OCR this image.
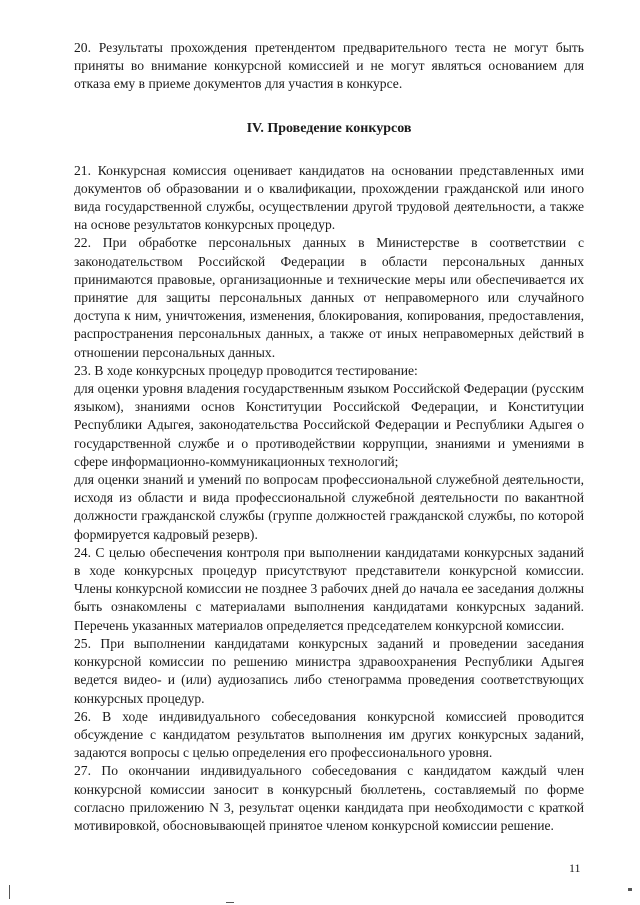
20. Результаты прохождения претендентом предварительного теста не могут быть приняты во внимание конкурсной комиссией и не могут являться основанием для отказа ему в приеме документов для участия в конкурсе.

IV. Проведение конкурсов

21. Конкурсная комиссия оценивает кандидатов на основании представленных ими документов об образовании и о квалификации, прохождении гражданской или иного вида государственной службы, осуществлении другой трудовой деятельности, а также на основе результатов конкурсных процедур.

22. При обработке персональных данных в Министерстве в соответствии с законодательством Российской Федерации в области персональных данных принимаются правовые, организационные и технические меры или обеспечивается их принятие для защиты персональных данных от неправомерного или случайного доступа к ним, уничтожения, изменения, блокирования, копирования, предоставления, распространения персональных данных, а также от иных неправомерных действий в отношении персональных данных.

23. В ходе конкурсных процедур проводится тестирование:

для оценки уровня владения государственным языком Российской Федерации (русским языком), знаниями основ Конституции Российской Федерации, и Конституции Республики Адыгея, законодательства Российской Федерации и Республики Адыгея о государственной службе и о противодействии коррупции, знаниями и умениями в сфере информационно-коммуникационных технологий;

для оценки знаний и умений по вопросам профессиональной служебной деятельности, исходя из области и вида профессиональной служебной деятельности по вакантной должности гражданской службы (группе должностей гражданской службы, по которой формируется кадровый резерв).

24. С целью обеспечения контроля при выполнении кандидатами конкурсных заданий в ходе конкурсных процедур присутствуют представители конкурсной комиссии. Члены конкурсной комиссии не позднее 3 рабочих дней до начала ее заседания должны быть ознакомлены с материалами выполнения кандидатами конкурсных заданий. Перечень указанных материалов определяется председателем конкурсной комиссии.

25. При выполнении кандидатами конкурсных заданий и проведении заседания конкурсной комиссии по решению министра здравоохранения Республики Адыгея ведется видео- и (или) аудиозапись либо стенограмма проведения соответствующих конкурсных процедур.

26. В ходе индивидуального собеседования конкурсной комиссией проводится обсуждение с кандидатом результатов выполнения им других конкурсных заданий, задаются вопросы с целью определения его профессионального уровня.

27. По окончании индивидуального собеседования с кандидатом каждый член конкурсной комиссии заносит в конкурсный бюллетень, составляемый по форме согласно приложению N 3, результат оценки кандидата при необходимости с краткой мотивировкой, обосновывающей принятое членом конкурсной комиссии решение.

11
